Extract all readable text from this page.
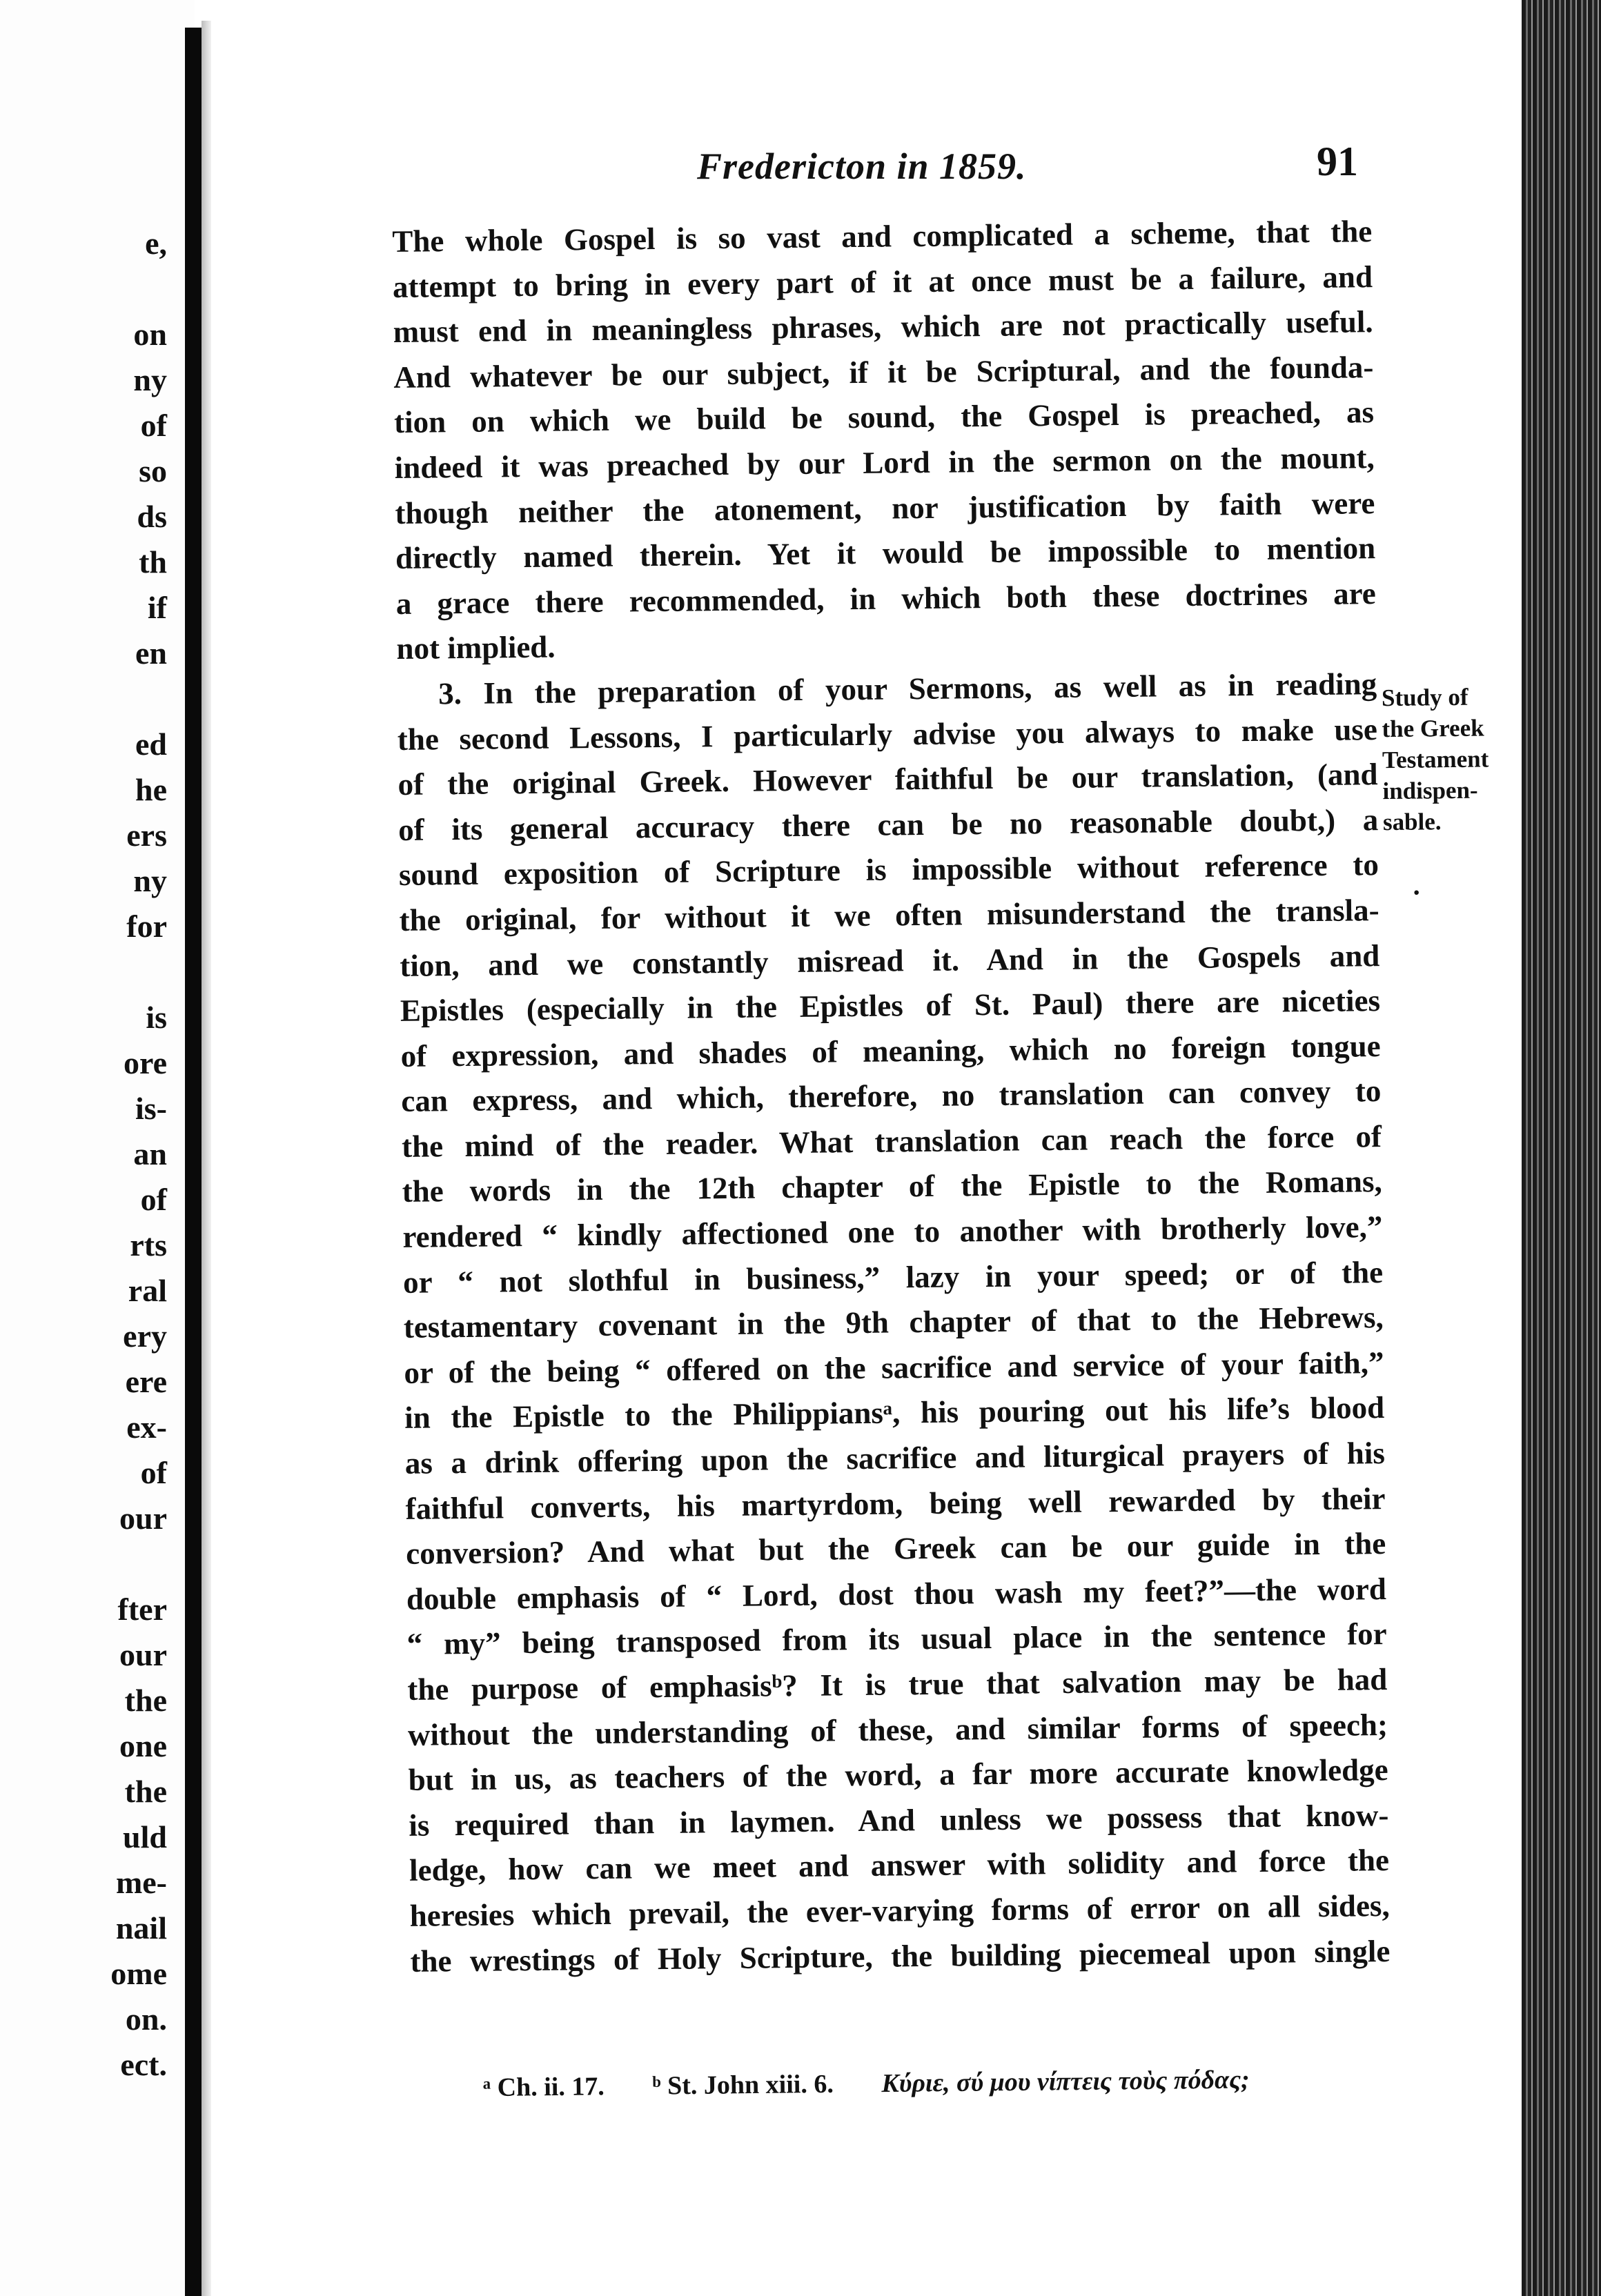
e,
on
ny
of
so
ds
th
if
en
ed
he
ers
ny
for
is
ore
is-
an
of
rts
ral
ery
ere
ex-
of
our
fter
our
the
one
the
uld
me-
nail
ome
on.
ect.
Fredericton in 1859.	91
The whole Gospel is so vast and complicated a scheme, that the
attempt to bring in every part of it at once must be a failure, and
must end in meaningless phrases, which are not practically useful.
And whatever be our subject, if it be Scriptural, and the founda-
tion on which we build be sound, the Gospel is preached, as
indeed it was preached by our Lord in the sermon on the mount,
though neither the atonement, nor justification by faith were
directly named therein. Yet it would be impossible to mention
a grace there recommended, in which both these doctrines are
not implied.
3. In the preparation of your Sermons, as well as in reading
the second Lessons, I particularly advise you always to make use
of the original Greek. However faithful be our translation, (and
of its general accuracy there can be no reasonable doubt,) a
sound exposition of Scripture is impossible without reference to
the original, for without it we often misunderstand the transla-
tion, and we constantly misread it. And in the Gospels and
Epistles (especially in the Epistles of St. Paul) there are niceties
of expression, and shades of meaning, which no foreign tongue
can express, and which, therefore, no translation can convey to
the mind of the reader. What translation can reach the force of
the words in the 12th chapter of the Epistle to the Romans,
rendered “ kindly affectioned one to another with brotherly love,”
or “ not slothful in business,” lazy in your speed; or of the
testamentary covenant in the 9th chapter of that to the Hebrews,
or of the being “ offered on the sacrifice and service of your faith,”
in the Epistle to the Philippiansᵃ, his pouring out his life’s blood
as a drink offering upon the sacrifice and liturgical prayers of his
faithful converts, his martyrdom, being well rewarded by their
conversion? And what but the Greek can be our guide in the
double emphasis of “ Lord, dost thou wash my feet?”—the word
“ my” being transposed from its usual place in the sentence for
the purpose of emphasisᵇ? It is true that salvation may be had
without the understanding of these, and similar forms of speech;
but in us, as teachers of the word, a far more accurate knowledge
is required than in laymen. And unless we possess that know-
ledge, how can we meet and answer with solidity and force the
heresies which prevail, the ever-varying forms of error on all sides,
the wrestings of Holy Scripture, the building piecemeal upon single
Study of
the Greek
Testament
indispen-
sable.
·
ᵃ Ch. ii. 17. ᵇ St. John xiii. 6. Κύριε, σύ μου νίπτεις τοὺς πόδας;
